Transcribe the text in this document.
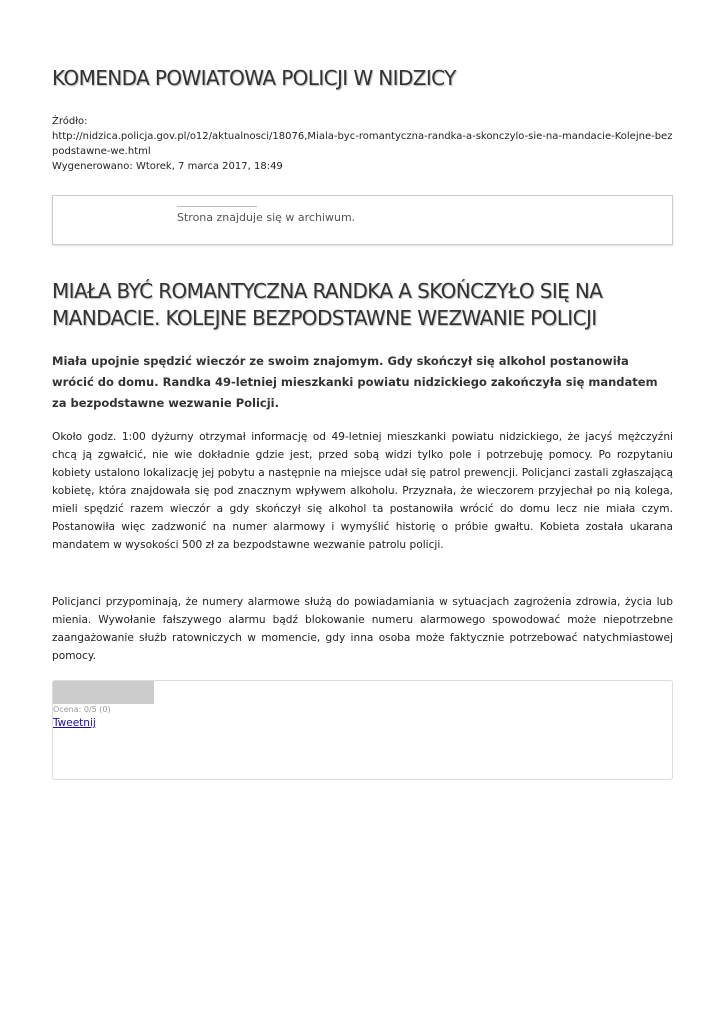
KOMENDA POWIATOWA POLICJI W NIDZICY
Źródło:
http://nidzica.policja.gov.pl/o12/aktualnosci/18076,Miala-byc-romantyczna-randka-a-skonczylo-sie-na-mandacie-Kolejne-bezpodstawne-we.html
Wygenerowano: Wtorek, 7 marca 2017, 18:49
Strona znajduje się w archiwum.
MIAŁA BYĆ ROMANTYCZNA RANDKA A SKOŃCZYŁO SIĘ NA MANDACIE. KOLEJNE BEZPODSTAWNE WEZWANIE POLICJI

Miała upojnie spędzić wieczór ze swoim znajomym. Gdy skończył się alkohol postanowiła wrócić do domu. Randka 49-letniej mieszkanki powiatu nidzickiego zakończyła się mandatem za bezpodstawne wezwanie Policji.

Około godz. 1:00 dyżurny otrzymał informację od 49-letniej mieszkanki powiatu nidzickiego, że jacyś mężczyźni chcą ją zgwałcić, nie wie dokładnie gdzie jest, przed sobą widzi tylko pole i potrzebuję pomocy. Po rozpytaniu kobiety ustalono lokalizację jej pobytu a następnie na miejsce udał się patrol prewencji. Policjanci zastali zgłaszającą kobietę, która znajdowała się pod znacznym wpływem alkoholu. Przyznała, że wieczorem przyjechał po nią kolega, mieli spędzić razem wieczór a gdy skończył się alkohol ta postanowiła wrócić do domu lecz nie miała czym. Postanowiła więc zadzwonić na numer alarmowy i wymyślić historię o próbie gwałtu. Kobieta została ukarana mandatem w wysokości 500 zł za bezpodstawne wezwanie patrolu policji.

Policjanci przypominają, że numery alarmowe służą do powiadamiania w sytuacjach zagrożenia zdrowia, życia lub mienia. Wywołanie fałszywego alarmu bądź blokowanie numeru alarmowego spowodować może niepotrzebne zaangażowanie służb ratowniczych w momencie, gdy inna osoba może faktycznie potrzebować natychmiastowej pomocy.

Ocena: 0/5 (0)
Tweetnij
